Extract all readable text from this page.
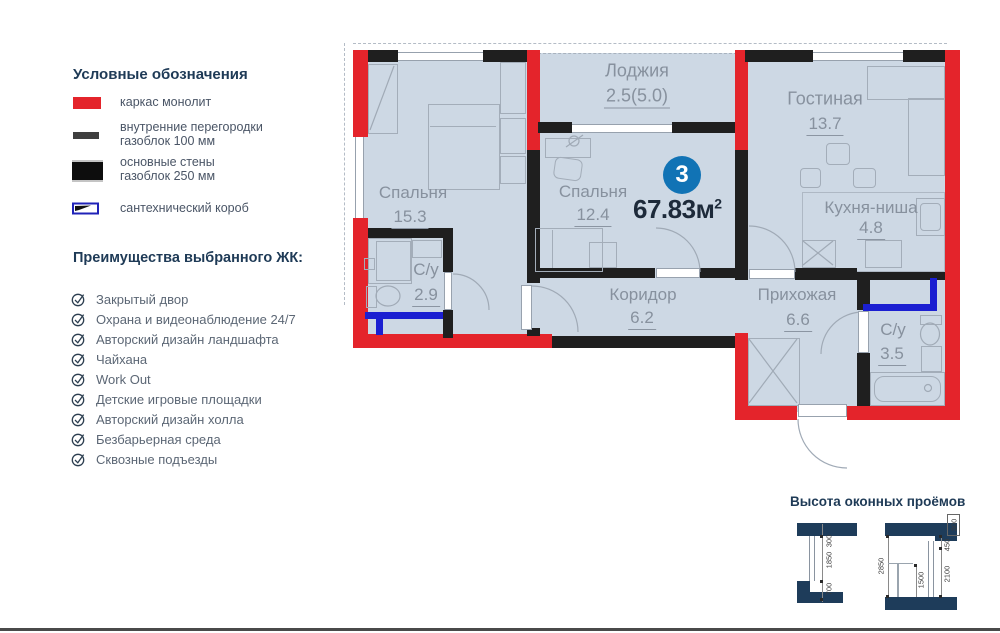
Условные обозначения
каркас монолит
внутренние перегородки
газоблок 100 мм
основные стены
газоблок 250 мм
сантехнический короб
Преимущества выбранного ЖК:
Закрытый двор
Охрана и видеонаблюдение 24/7
Авторский дизайн ландшафта
Чайхана
Work Out
Детские игровые площадки
Авторский дизайн холла
Безбарьерная среда
Сквозные подъезды
Лоджия
2.5(5.0)
Спальня
15.3
С/у
2.9
Спальня
12.4
Коридор
6.2
Гостиная
13.7
Кухня-ниша
4.8
Прихожая
6.6
С/у
3.5
3
$67.83м^2$
Высота оконных проёмов
300
1850
700
2850
450
2100
300
1500
